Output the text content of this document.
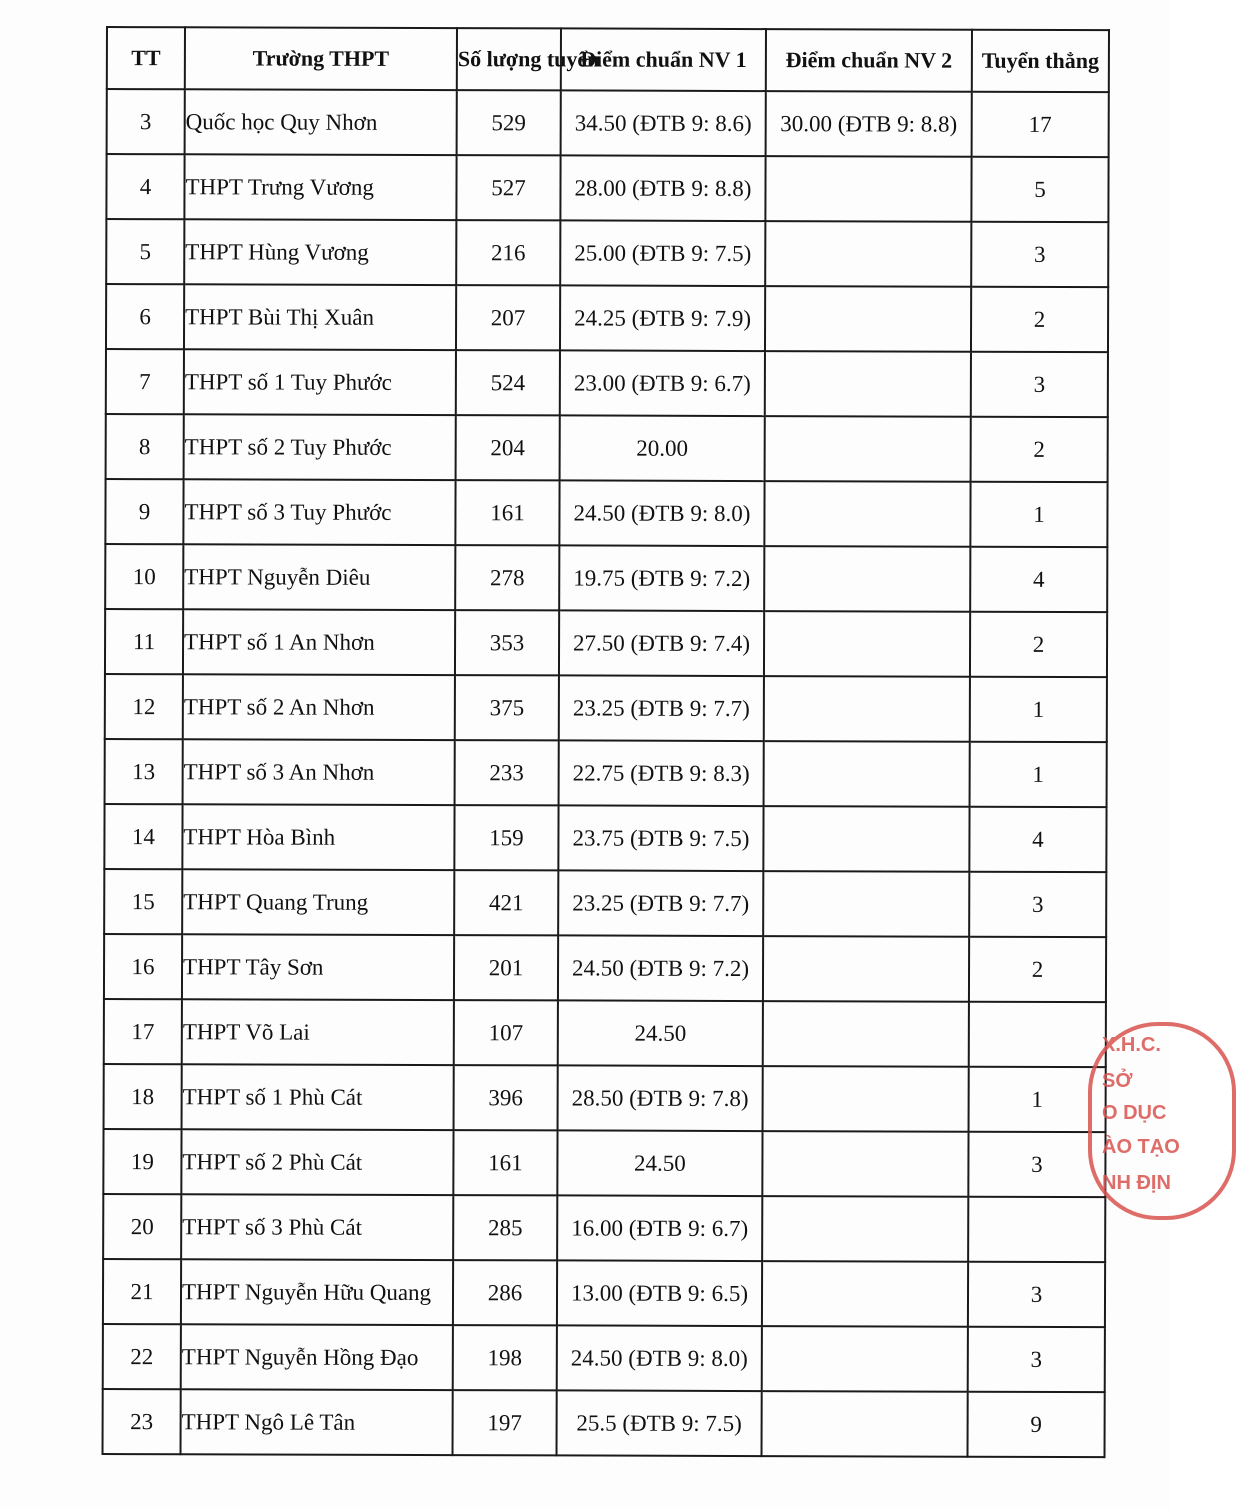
TT	Trường THPT	Số lượng tuyển	Điểm chuẩn NV 1	Điểm chuẩn NV 2	Tuyển thẳng
3	Quốc học Quy Nhơn	529	34.50 (ĐTB 9: 8.6)	30.00 (ĐTB 9: 8.8)	17
4	THPT Trưng Vương	527	28.00 (ĐTB 9: 8.8)		5
5	THPT Hùng Vương	216	25.00 (ĐTB 9: 7.5)		3
6	THPT Bùi Thị Xuân	207	24.25 (ĐTB 9: 7.9)		2
7	THPT số 1 Tuy Phước	524	23.00 (ĐTB 9: 6.7)		3
8	THPT số 2 Tuy Phước	204	20.00		2
9	THPT số 3 Tuy Phước	161	24.50 (ĐTB 9: 8.0)		1
10	THPT Nguyễn Diêu	278	19.75 (ĐTB 9: 7.2)		4
11	THPT số 1 An Nhơn	353	27.50 (ĐTB 9: 7.4)		2
12	THPT số 2 An Nhơn	375	23.25 (ĐTB 9: 7.7)		1
13	THPT số 3 An Nhơn	233	22.75 (ĐTB 9: 8.3)		1
14	THPT Hòa Bình	159	23.75 (ĐTB 9: 7.5)		4
15	THPT Quang Trung	421	23.25 (ĐTB 9: 7.7)		3
16	THPT Tây Sơn	201	24.50 (ĐTB 9: 7.2)		2
17	THPT Võ Lai	107	24.50		
18	THPT số 1 Phù Cát	396	28.50 (ĐTB 9: 7.8)		1
19	THPT số 2 Phù Cát	161	24.50		3
20	THPT số 3 Phù Cát	285	16.00 (ĐTB 9: 6.7)		
21	THPT Nguyễn Hữu Quang	286	13.00 (ĐTB 9: 6.5)		3
22	THPT Nguyễn Hồng Đạo	198	24.50 (ĐTB 9: 8.0)		3
23	THPT Ngô Lê Tân	197	25.5 (ĐTB 9: 7.5)		9
X.H.C.
SỞ
O DỤC
ÀO TẠO
NH ĐỊN
